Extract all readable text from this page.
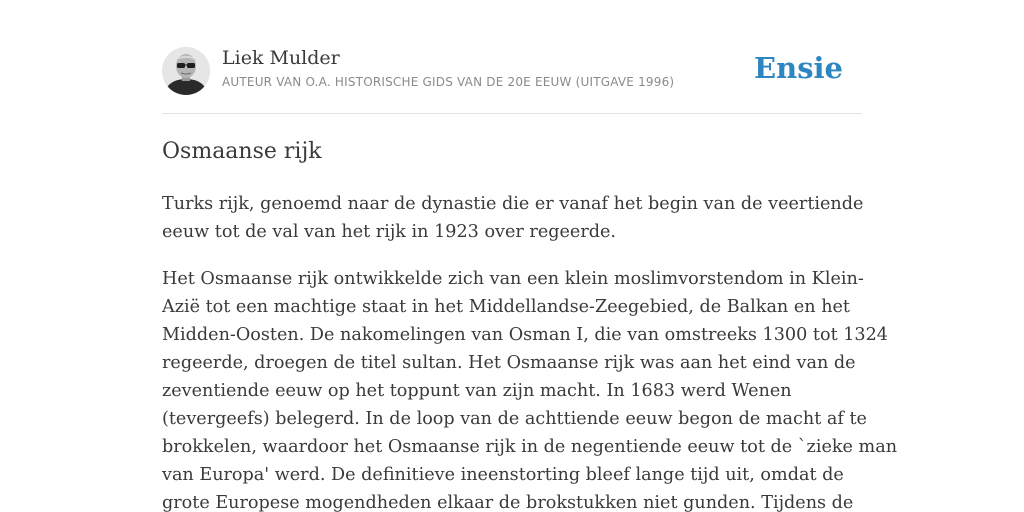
Liek Mulder
AUTEUR VAN O.A. HISTORISCHE GIDS VAN DE 20E EEUW (UITGAVE 1996)	Ensie
Osmaanse rijk

Turks rijk, genoemd naar de dynastie die er vanaf het begin van de veertiende
eeuw tot de val van het rijk in 1923 over regeerde.

Het Osmaanse rijk ontwikkelde zich van een klein moslimvorstendom in Klein-
Azië tot een machtige staat in het Middellandse-Zeegebied, de Balkan en het
Midden-Oosten. De nakomelingen van Osman I, die van omstreeks 1300 tot 1324
regeerde, droegen de titel sultan. Het Osmaanse rijk was aan het eind van de
zeventiende eeuw op het toppunt van zijn macht. In 1683 werd Wenen
(tevergeefs) belegerd. In de loop van de achttiende eeuw begon de macht af te
brokkelen, waardoor het Osmaanse rijk in de negentiende eeuw tot de `zieke man
van Europa' werd. De definitieve ineenstorting bleef lange tijd uit, omdat de
grote Europese mogendheden elkaar de brokstukken niet gunden. Tijdens de
